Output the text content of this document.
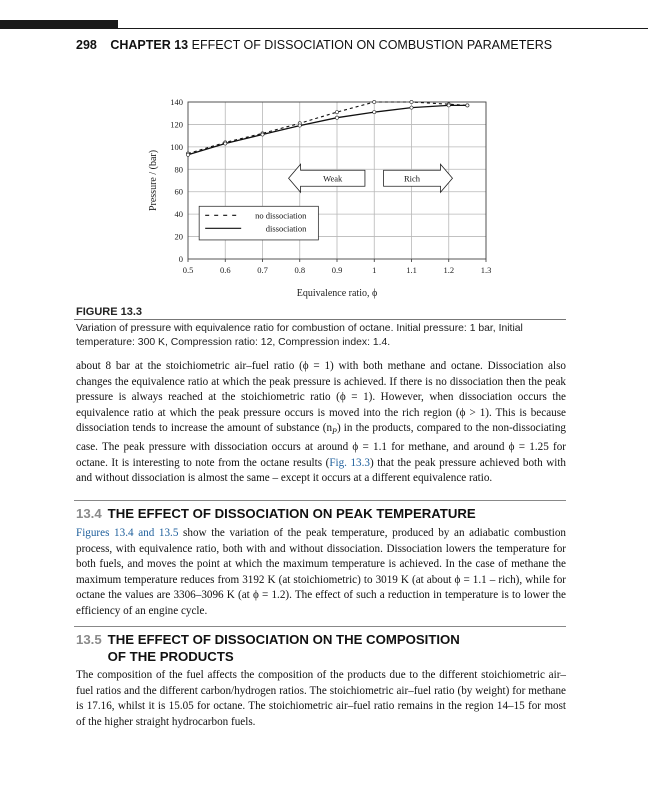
298 CHAPTER 13 EFFECT OF DISSOCIATION ON COMBUSTION PARAMETERS
0
20
40
60
80
100
120
140
0.5	0.6	0.7	0.8	0.9	1	1.1	1.2	1.3
Equivalence ratio, ϕ
Pressure / (bar)	Weak	Rich
no dissociation
dissociation
FIGURE 13.3
Variation of pressure with equivalence ratio for combustion of octane. Initial pressure: 1 bar, Initial temperature: 300 K, Compression ratio: 12, Compression index: 1.4.
about 8 bar at the stoichiometric air–fuel ratio (ϕ = 1) with both methane and octane. Dissociation also changes the equivalence ratio at which the peak pressure is achieved. If there is no dissociation then the peak pressure is always reached at the stoichiometric ratio (ϕ = 1). However, when dissociation occurs the equivalence ratio at which the peak pressure occurs is moved into the rich region (ϕ > 1). This is because dissociation tends to increase the amount of substance $(n_P)$ in the products, compared to the non-dissociating case. The peak pressure with dissociation occurs at around ϕ = 1.1 for methane, and around ϕ = 1.25 for octane. It is interesting to note from the octane results (Fig. 13.3) that the peak pressure achieved both with and without dissociation is almost the same – except it occurs at a different equivalence ratio.
13.4 THE EFFECT OF DISSOCIATION ON PEAK TEMPERATURE
Figures 13.4 and 13.5 show the variation of the peak temperature, produced by an adiabatic combustion process, with equivalence ratio, both with and without dissociation. Dissociation lowers the temperature for both fuels, and moves the point at which the maximum temperature is achieved. In the case of methane the maximum temperature reduces from 3192 K (at stoichiometric) to 3019 K (at about ϕ = 1.1 – rich), while for octane the values are 3306–3096 K (at ϕ = 1.2). The effect of such a reduction in temperature is to lower the efficiency of an engine cycle.
13.5 THE EFFECT OF DISSOCIATION ON THE COMPOSITION
OF THE PRODUCTS
The composition of the fuel affects the composition of the products due to the different stoichiometric air–fuel ratios and the different carbon/hydrogen ratios. The stoichiometric air–fuel ratio (by weight) for methane is 17.16, whilst it is 15.05 for octane. The stoichiometric air–fuel ratio remains in the region 14–15 for most of the higher straight hydrocarbon fuels.
